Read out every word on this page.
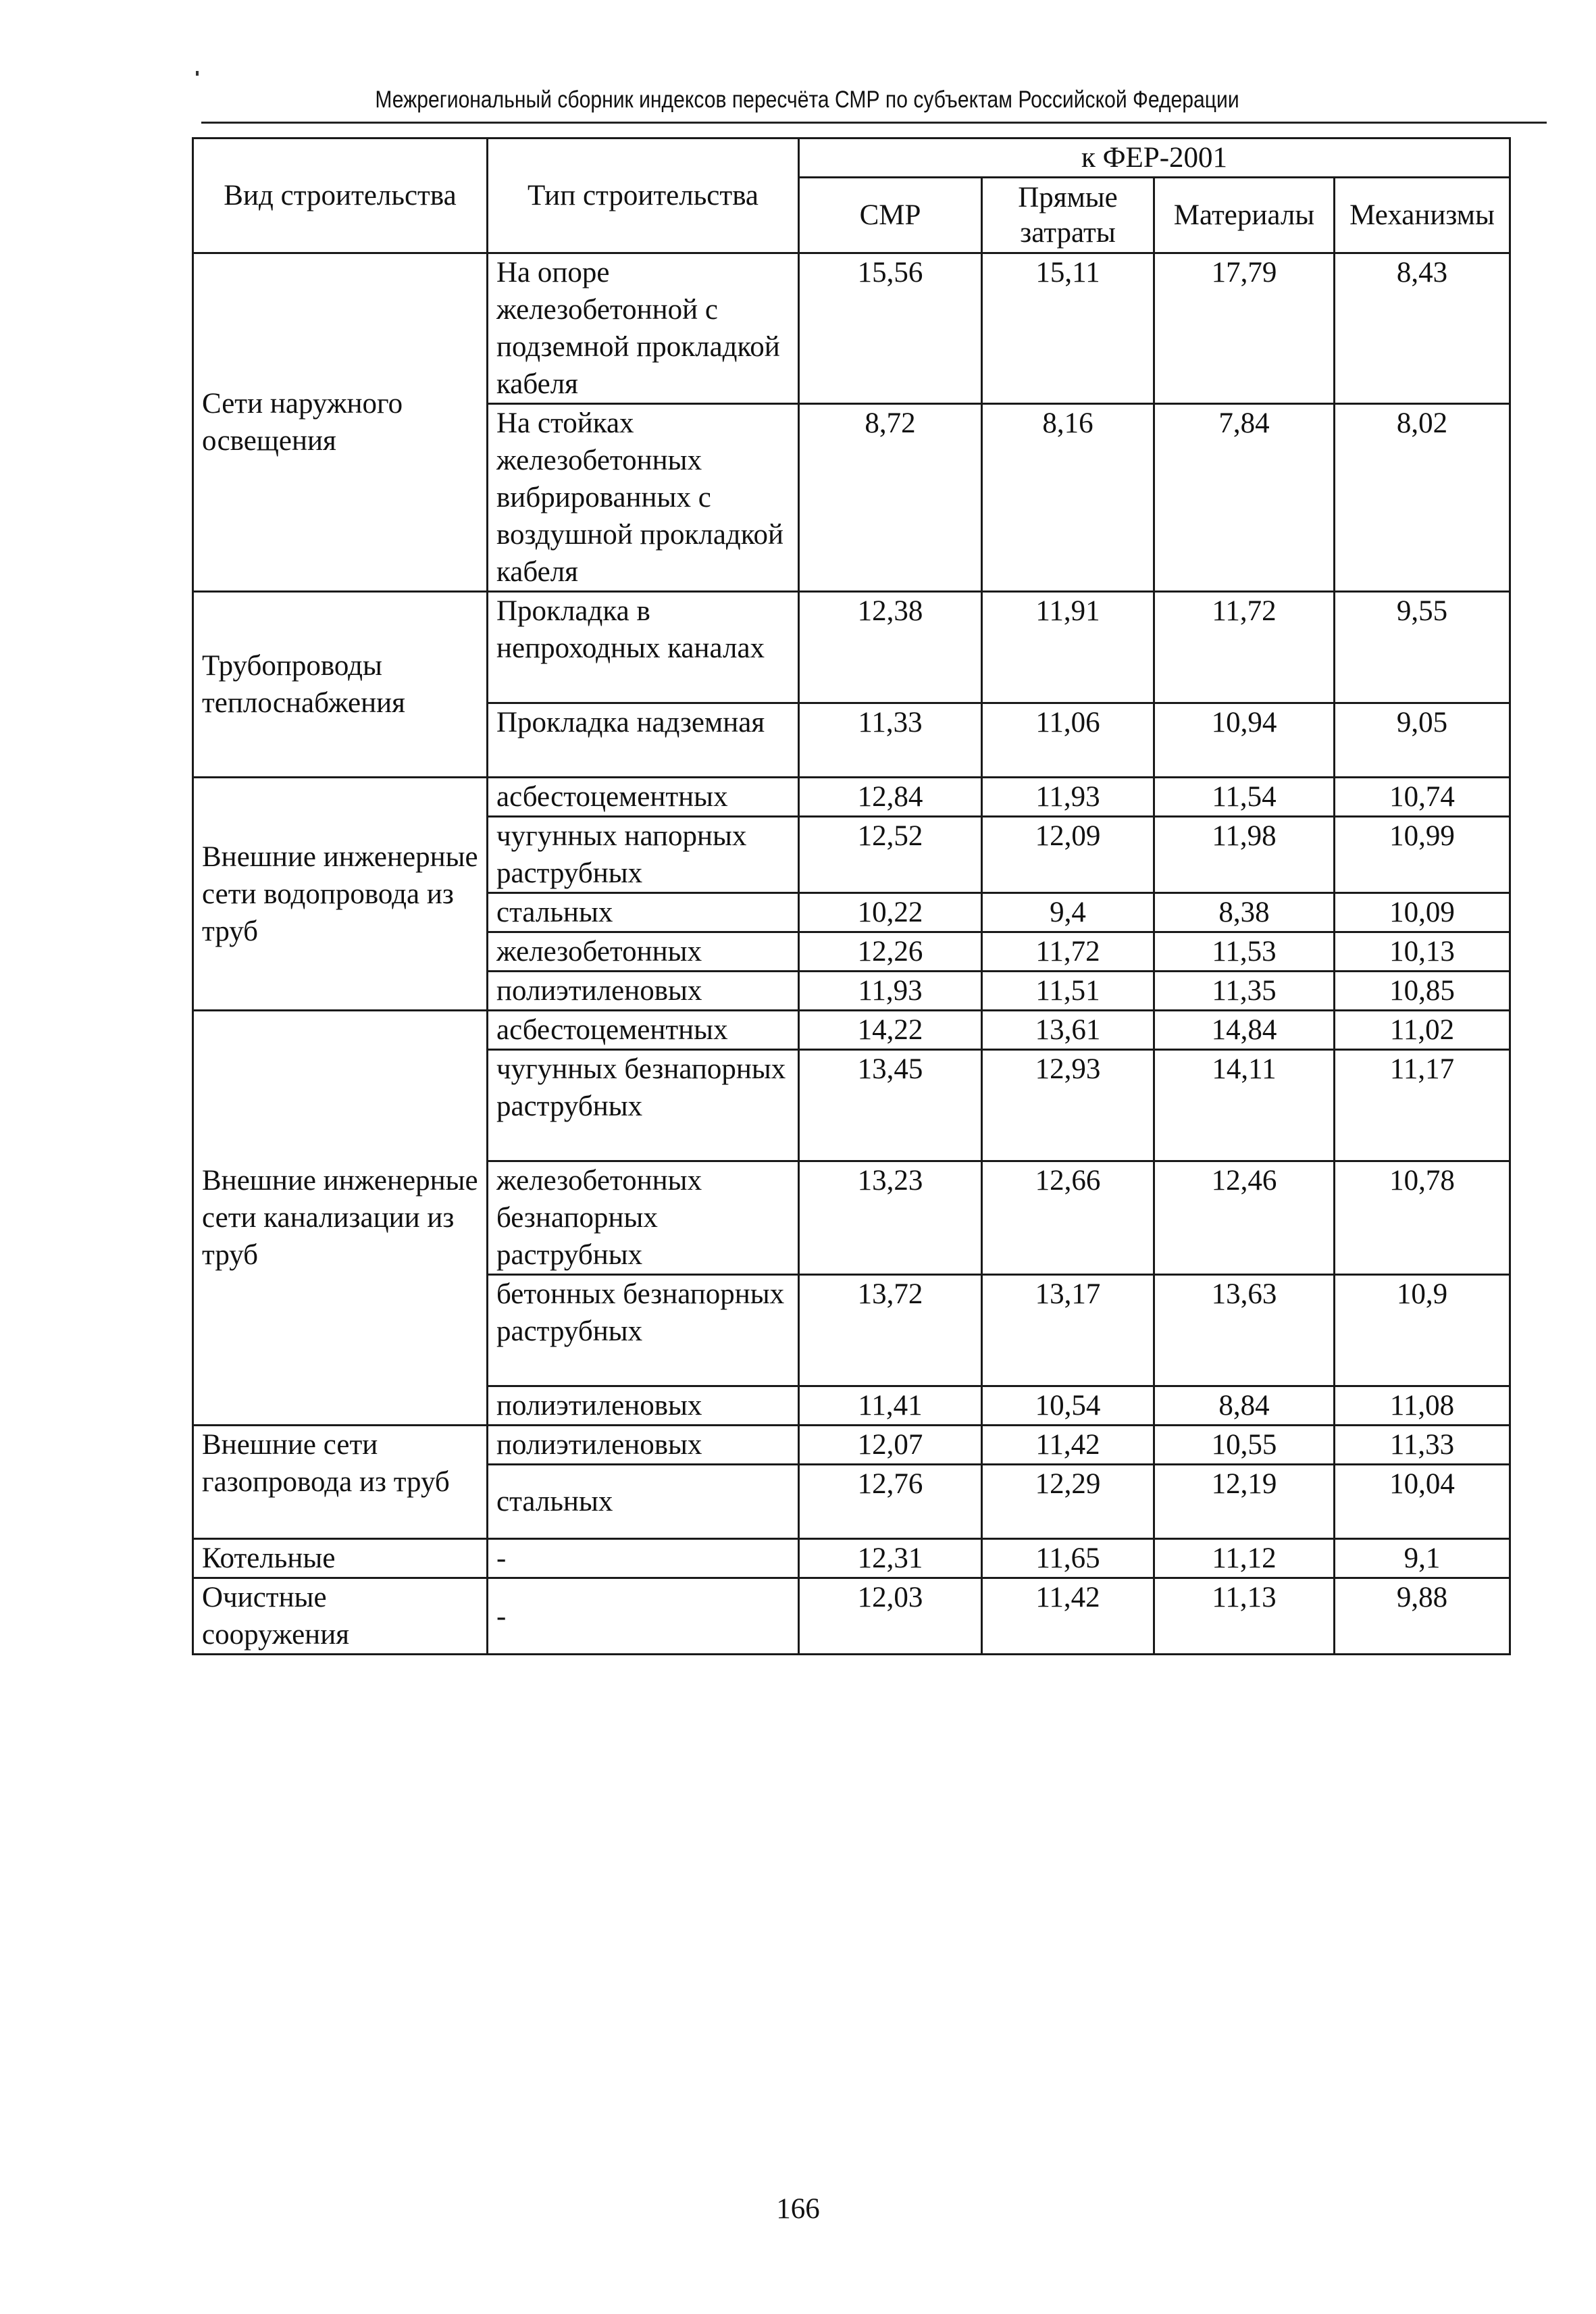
Межрегиональный сборник индексов пересчёта СМР по субъектам Российской Федерации
Вид строительства	Тип строительства	к ФЕР-2001			
		СМР	Прямые затраты	Материалы	Механизмы
Сети наружного освещения	На опоре железобетонной с подземной прокладкой кабеля	15,56	15,11	17,79	8,43
	На стойках железобетонных вибрированных с воздушной прокладкой кабеля	8,72	8,16	7,84	8,02
Трубопроводы теплоснабжения	Прокладка в непроходных каналах	12,38	11,91	11,72	9,55
	Прокладка надземная	11,33	11,06	10,94	9,05
Внешние инженерные сети водопровода из труб	асбестоцементных	12,84	11,93	11,54	10,74
	чугунных напорных раструбных	12,52	12,09	11,98	10,99
	стальных	10,22	9,4	8,38	10,09
	железобетонных	12,26	11,72	11,53	10,13
	полиэтиленовых	11,93	11,51	11,35	10,85
Внешние инженерные сети канализации из труб	асбестоцементных	14,22	13,61	14,84	11,02
	чугунных безнапорных раструбных	13,45	12,93	14,11	11,17
	железобетонных безнапорных раструбных	13,23	12,66	12,46	10,78
	бетонных безнапорных раструбных	13,72	13,17	13,63	10,9
	полиэтиленовых	11,41	10,54	8,84	11,08
Внешние сети газопровода из труб	полиэтиленовых	12,07	11,42	10,55	11,33
	стальных	12,76	12,29	12,19	10,04
Котельные	-	12,31	11,65	11,12	9,1
Очистные сооружения	-	12,03	11,42	11,13	9,88
166
